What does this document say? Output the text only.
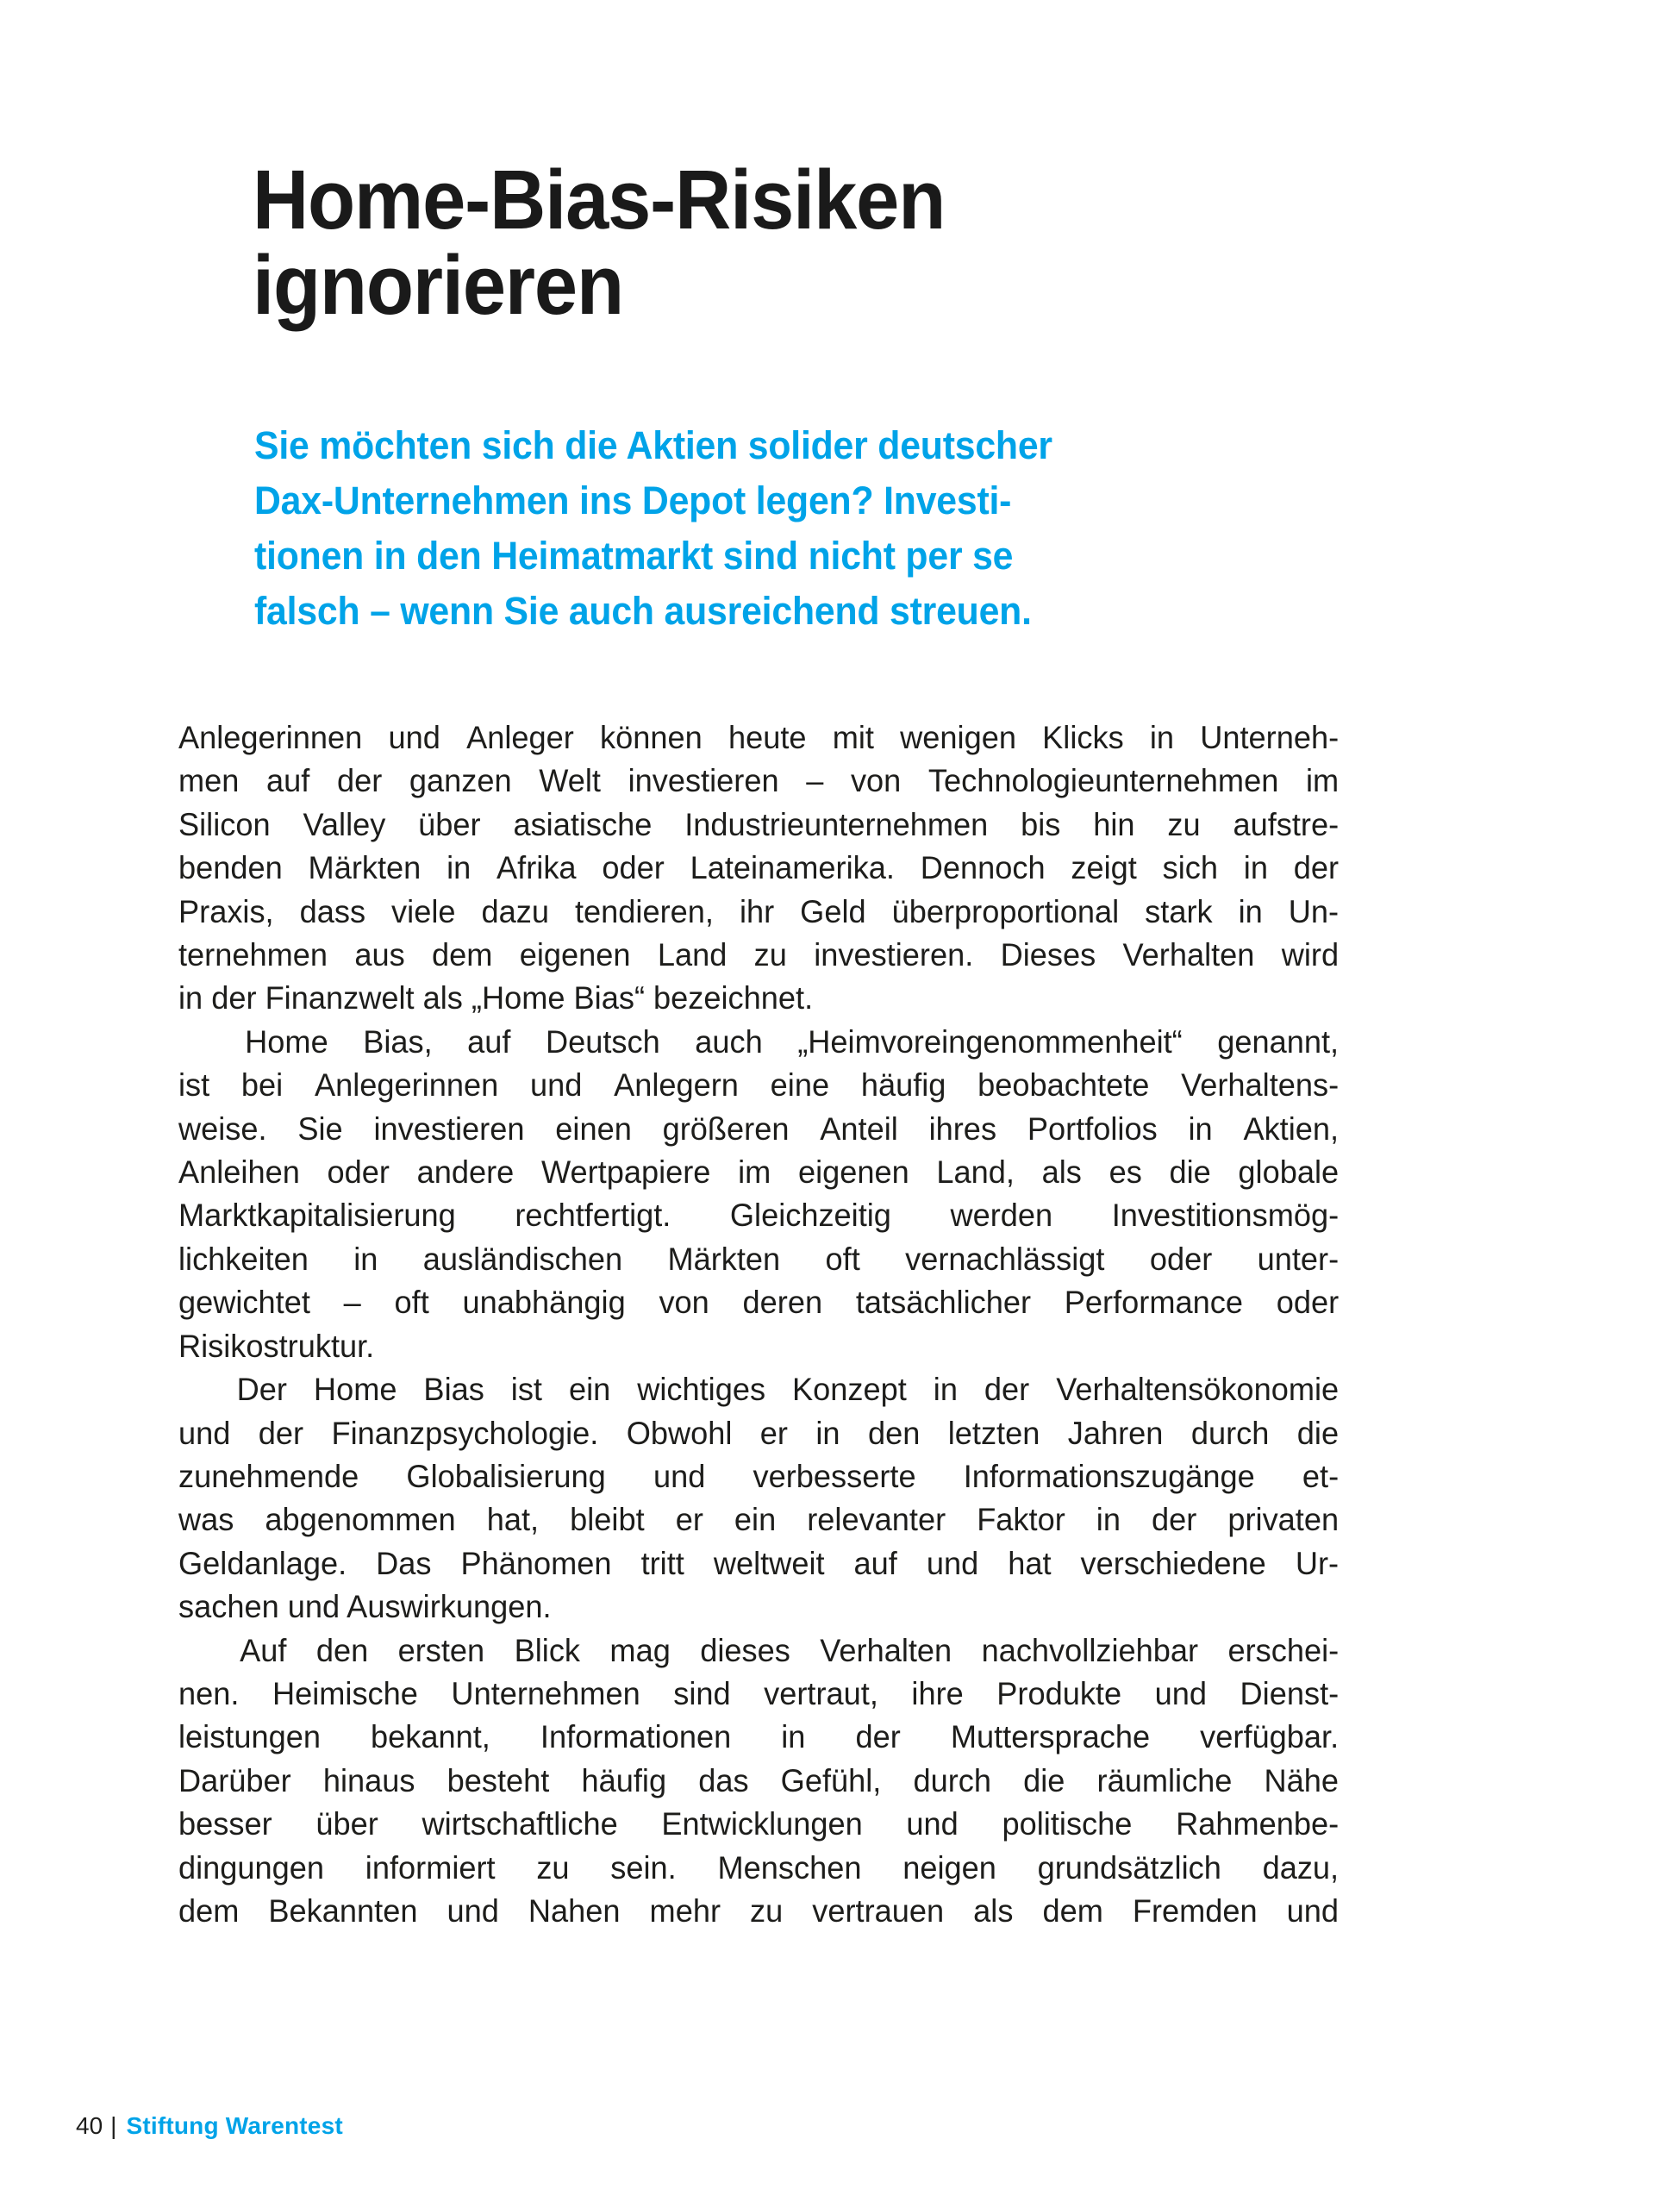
Home-Bias-Risiken
ignorieren
Sie möchten sich die Aktien solider deutscher
Dax-Unternehmen ins Depot legen? Investi-
tionen in den Heimatmarkt sind nicht per se
falsch – wenn Sie auch ausreichend streuen.

Anlegerinnen und Anleger können heute mit wenigen Klicks in Unterneh-
men auf der ganzen Welt investieren – von Technologieunternehmen im
Silicon Valley über asiatische Industrieunternehmen bis hin zu aufstre-
benden Märkten in Afrika oder Lateinamerika. Dennoch zeigt sich in der
Praxis, dass viele dazu tendieren, ihr Geld überproportional stark in Un-
ternehmen aus dem eigenen Land zu investieren. Dieses Verhalten wird
in der Finanzwelt als „Home Bias“ bezeichnet.

Home Bias, auf Deutsch auch „Heimvoreingenommenheit“ genannt,
ist bei Anlegerinnen und Anlegern eine häufig beobachtete Verhaltens-
weise. Sie investieren einen größeren Anteil ihres Portfolios in Aktien,
Anleihen oder andere Wertpapiere im eigenen Land, als es die globale
Marktkapitalisierung rechtfertigt. Gleichzeitig werden Investitionsmög-
lichkeiten in ausländischen Märkten oft vernachlässigt oder unter-
gewichtet – oft unabhängig von deren tatsächlicher Performance oder
Risikostruktur.

Der Home Bias ist ein wichtiges Konzept in der Verhaltensökonomie
und der Finanzpsychologie. Obwohl er in den letzten Jahren durch die
zunehmende Globalisierung und verbesserte Informationszugänge et-
was abgenommen hat, bleibt er ein relevanter Faktor in der privaten
Geldanlage. Das Phänomen tritt weltweit auf und hat verschiedene Ur-
sachen und Auswirkungen.

Auf den ersten Blick mag dieses Verhalten nachvollziehbar erschei-
nen. Heimische Unternehmen sind vertraut, ihre Produkte und Dienst-
leistungen bekannt, Informationen in der Muttersprache verfügbar.
Darüber hinaus besteht häufig das Gefühl, durch die räumliche Nähe
besser über wirtschaftliche Entwicklungen und politische Rahmenbe-
dingungen informiert zu sein. Menschen neigen grundsätzlich dazu,
dem Bekannten und Nahen mehr zu vertrauen als dem Fremden und

40 | Stiftung Warentest
